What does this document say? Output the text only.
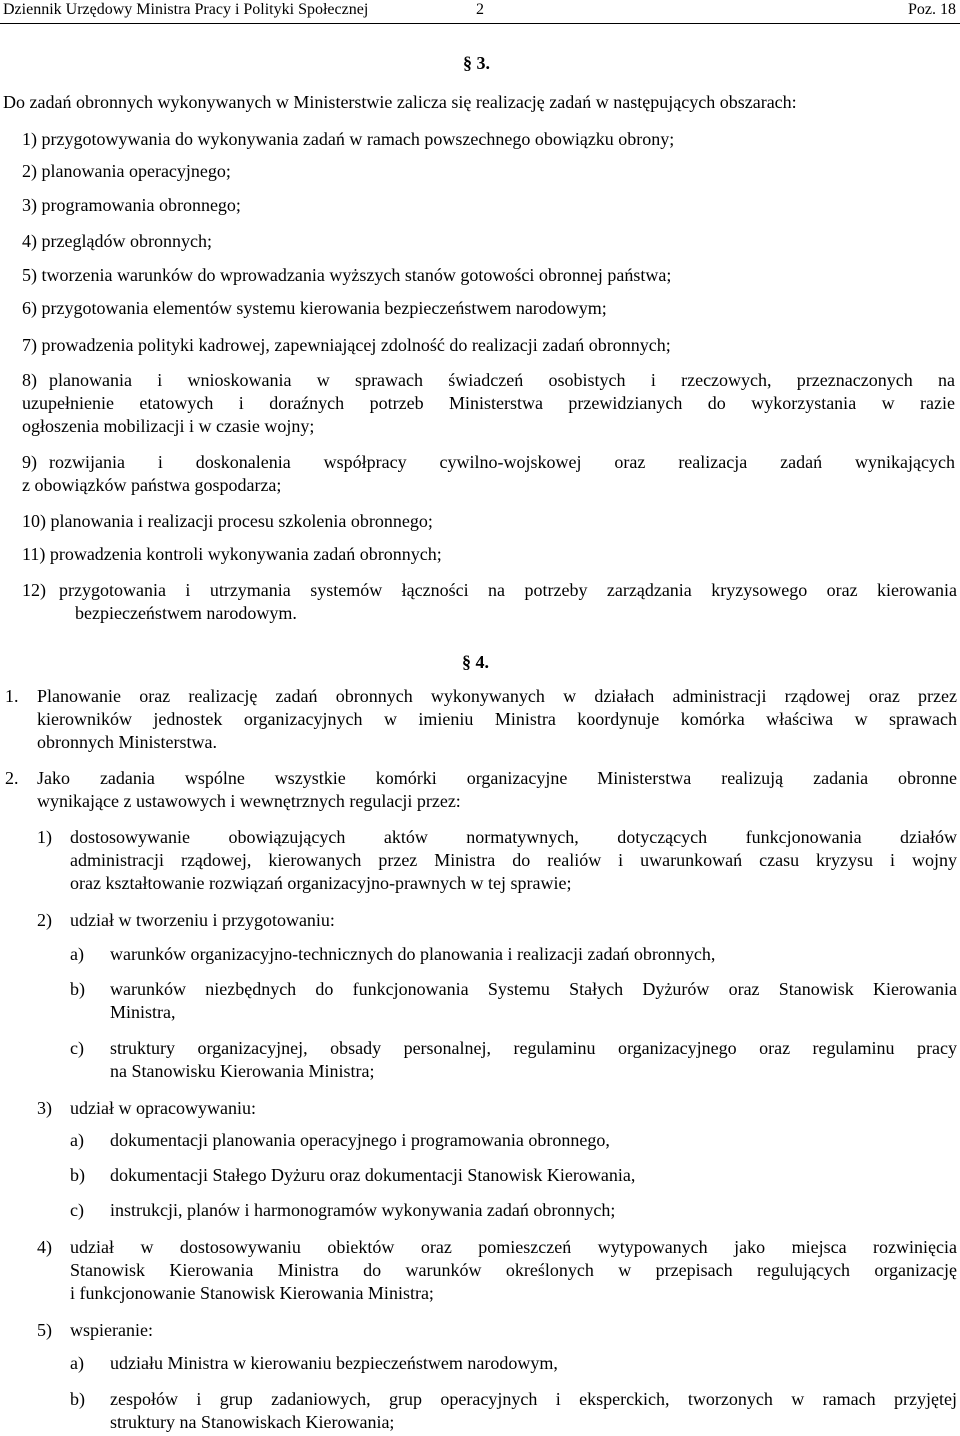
Dziennik Urzędowy Ministra Pracy i Polityki Społecznej	2	Poz. 18
§ 3.
Do zadań obronnych wykonywanych w Ministerstwie zalicza się realizację zadań w następujących obszarach:
1) przygotowywania do wykonywania zadań w ramach powszechnego obowiązku obrony;
2) planowania operacyjnego;
3) programowania obronnego;
4) przeglądów obronnych;
5) tworzenia warunków do wprowadzania wyższych stanów gotowości obronnej państwa;
6) przygotowania elementów systemu kierowania bezpieczeństwem narodowym;
7) prowadzenia polityki kadrowej, zapewniającej zdolność do realizacji zadań obronnych;
8) planowania i wnioskowania w sprawach świadczeń osobistych i rzeczowych, przeznaczonych na
uzupełnienie etatowych i doraźnych potrzeb Ministerstwa przewidzianych do wykorzystania w razie
ogłoszenia mobilizacji i w czasie wojny;
9) rozwijania i doskonalenia współpracy cywilno-wojskowej oraz realizacja zadań wynikających
z obowiązków państwa gospodarza;
10) planowania i realizacji procesu szkolenia obronnego;
11) prowadzenia kontroli wykonywania zadań obronnych;
12) przygotowania i utrzymania systemów łączności na potrzeby zarządzania kryzysowego oraz kierowania
bezpieczeństwem narodowym.
§ 4.
1. Planowanie oraz realizację zadań obronnych wykonywanych w działach administracji rządowej oraz przez
kierowników jednostek organizacyjnych w imieniu Ministra koordynuje komórka właściwa w sprawach
obronnych Ministerstwa.
2. Jako zadania wspólne wszystkie komórki organizacyjne Ministerstwa realizują zadania obronne
wynikające z ustawowych i wewnętrznych regulacji przez:
1) dostosowywanie obowiązujących aktów normatywnych, dotyczących funkcjonowania działów
administracji rządowej, kierowanych przez Ministra do realiów i uwarunkowań czasu kryzysu i wojny
oraz kształtowanie rozwiązań organizacyjno-prawnych w tej sprawie;
2) udział w tworzeniu i przygotowaniu:
a) warunków organizacyjno-technicznych do planowania i realizacji zadań obronnych,
b) warunków niezbędnych do funkcjonowania Systemu Stałych Dyżurów oraz Stanowisk Kierowania
Ministra,
c) struktury organizacyjnej, obsady personalnej, regulaminu organizacyjnego oraz regulaminu pracy
na Stanowisku Kierowania Ministra;
3) udział w opracowywaniu:
a) dokumentacji planowania operacyjnego i programowania obronnego,
b) dokumentacji Stałego Dyżuru oraz dokumentacji Stanowisk Kierowania,
c) instrukcji, planów i harmonogramów wykonywania zadań obronnych;
4) udział w dostosowywaniu obiektów oraz pomieszczeń wytypowanych jako miejsca rozwinięcia
Stanowisk Kierowania Ministra do warunków określonych w przepisach regulujących organizację
i funkcjonowanie Stanowisk Kierowania Ministra;
5) wspieranie:
a) udziału Ministra w kierowaniu bezpieczeństwem narodowym,
b) zespołów i grup zadaniowych, grup operacyjnych i eksperckich, tworzonych w ramach przyjętej
struktury na Stanowiskach Kierowania;
